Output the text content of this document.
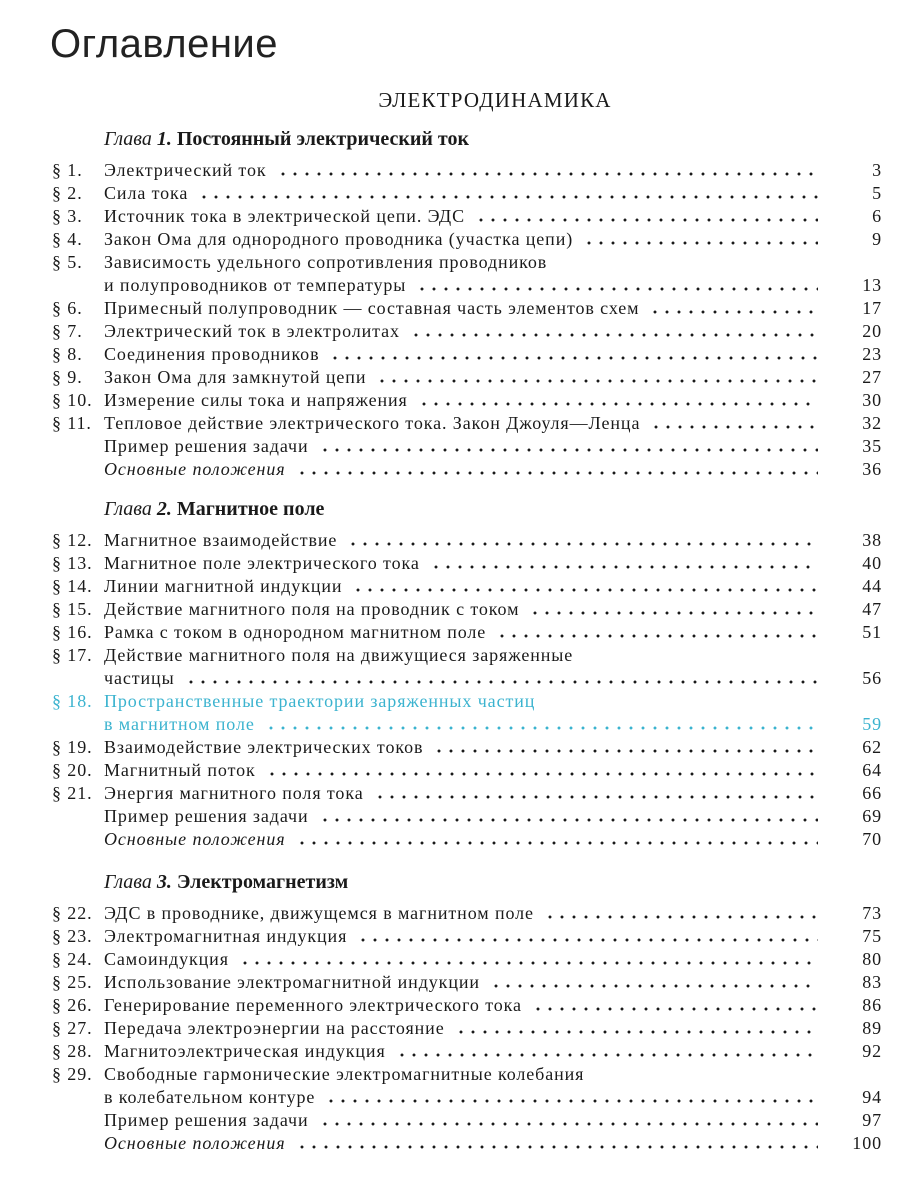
Оглавление
ЭЛЕКТРОДИНАМИКА
Глава 1. Постоянный электрический ток
§ 1. Электрический ток	3
§ 2. Сила тока	5
§ 3. Источник тока в электрической цепи. ЭДС	6
§ 4. Закон Ома для однородного проводника (участка цепи)	9
§ 5. Зависимость удельного сопротивления проводников
и полупроводников от температуры	13
§ 6. Примесный полупроводник — составная часть элементов схем	17
§ 7. Электрический ток в электролитах	20
§ 8. Соединения проводников	23
§ 9. Закон Ома для замкнутой цепи	27
§ 10. Измерение силы тока и напряжения	30
§ 11. Тепловое действие электрического тока. Закон Джоуля—Ленца	32
Пример решения задачи	35
Основные положения	36
Глава 2. Магнитное поле
§ 12. Магнитное взаимодействие	38
§ 13. Магнитное поле электрического тока	40
§ 14. Линии магнитной индукции	44
§ 15. Действие магнитного поля на проводник с током	47
§ 16. Рамка с током в однородном магнитном поле	51
§ 17. Действие магнитного поля на движущиеся заряженные
частицы	56
§ 18. Пространственные траектории заряженных частиц
в магнитном поле	59
§ 19. Взаимодействие электрических токов	62
§ 20. Магнитный поток	64
§ 21. Энергия магнитного поля тока	66
Пример решения задачи	69
Основные положения	70
Глава 3. Электромагнетизм
§ 22. ЭДС в проводнике, движущемся в магнитном поле	73
§ 23. Электромагнитная индукция	75
§ 24. Самоиндукция	80
§ 25. Использование электромагнитной индукции	83
§ 26. Генерирование переменного электрического тока	86
§ 27. Передача электроэнергии на расстояние	89
§ 28. Магнитоэлектрическая индукция	92
§ 29. Свободные гармонические электромагнитные колебания
в колебательном контуре	94
Пример решения задачи	97
Основные положения	100
